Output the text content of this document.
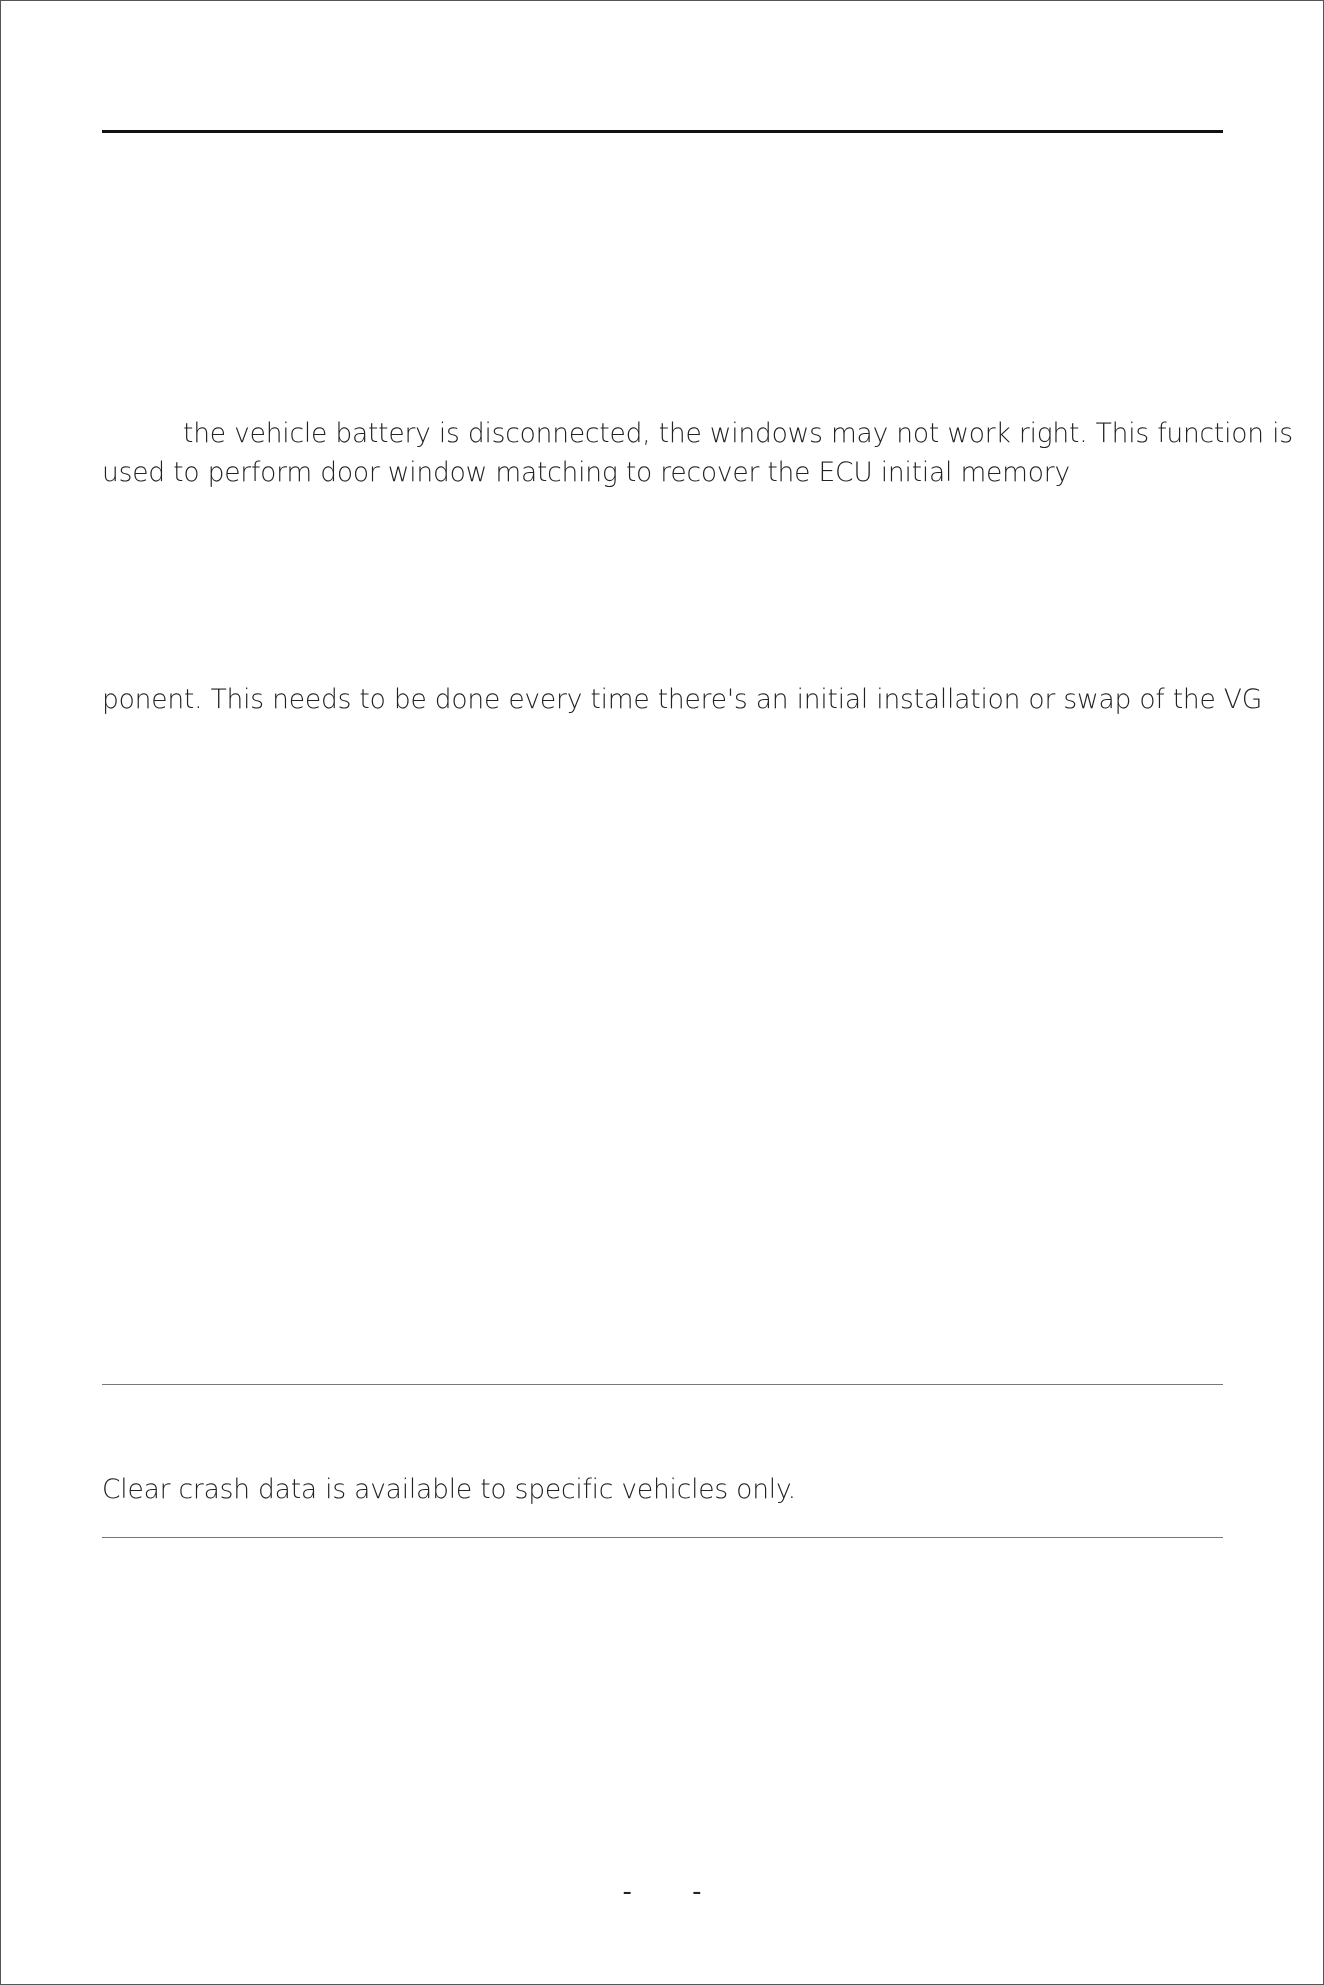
the vehicle battery is disconnected, the windows may not work right. This function is
used to perform door window matching to recover the ECU initial memory
ponent. This needs to be done every time there's an initial installation or swap of the VG
Clear crash data is available to specific vehicles only.
- -
